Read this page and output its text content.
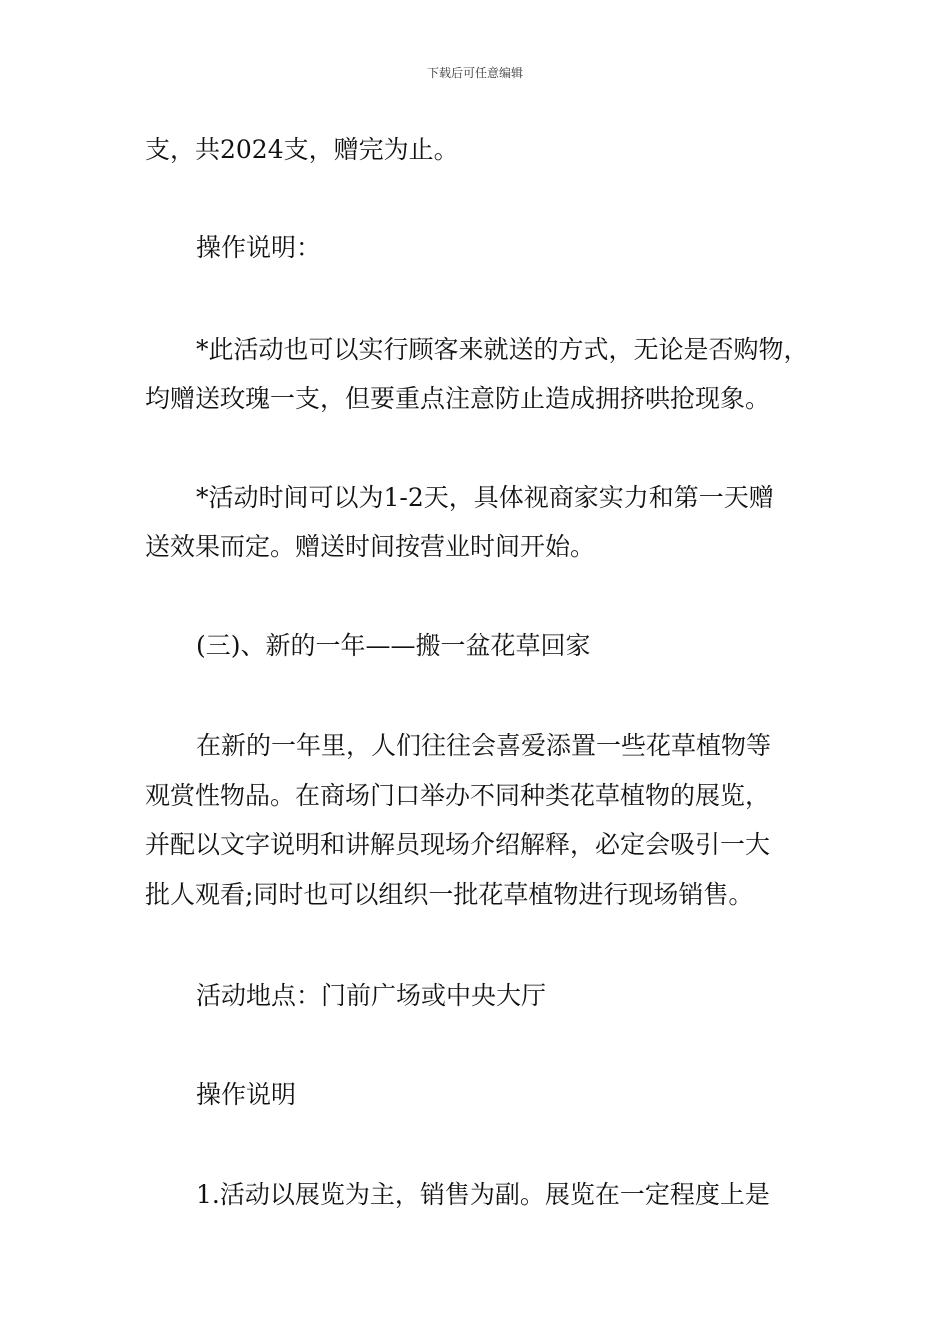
下载后可任意编辑
支，共2024支，赠完为止。
操作说明：
*此活动也可以实行顾客来就送的方式，无论是否购物，
均赠送玫瑰一支，但要重点注意防止造成拥挤哄抢现象。
*活动时间可以为1-2天，具体视商家实力和第一天赠
送效果而定。赠送时间按营业时间开始。
(三)、新的一年——搬一盆花草回家
在新的一年里，人们往往会喜爱添置一些花草植物等
观赏性物品。在商场门口举办不同种类花草植物的展览，
并配以文字说明和讲解员现场介绍解释，必定会吸引一大
批人观看;同时也可以组织一批花草植物进行现场销售。
活动地点：门前广场或中央大厅
操作说明
1.活动以展览为主，销售为副。展览在一定程度上是
